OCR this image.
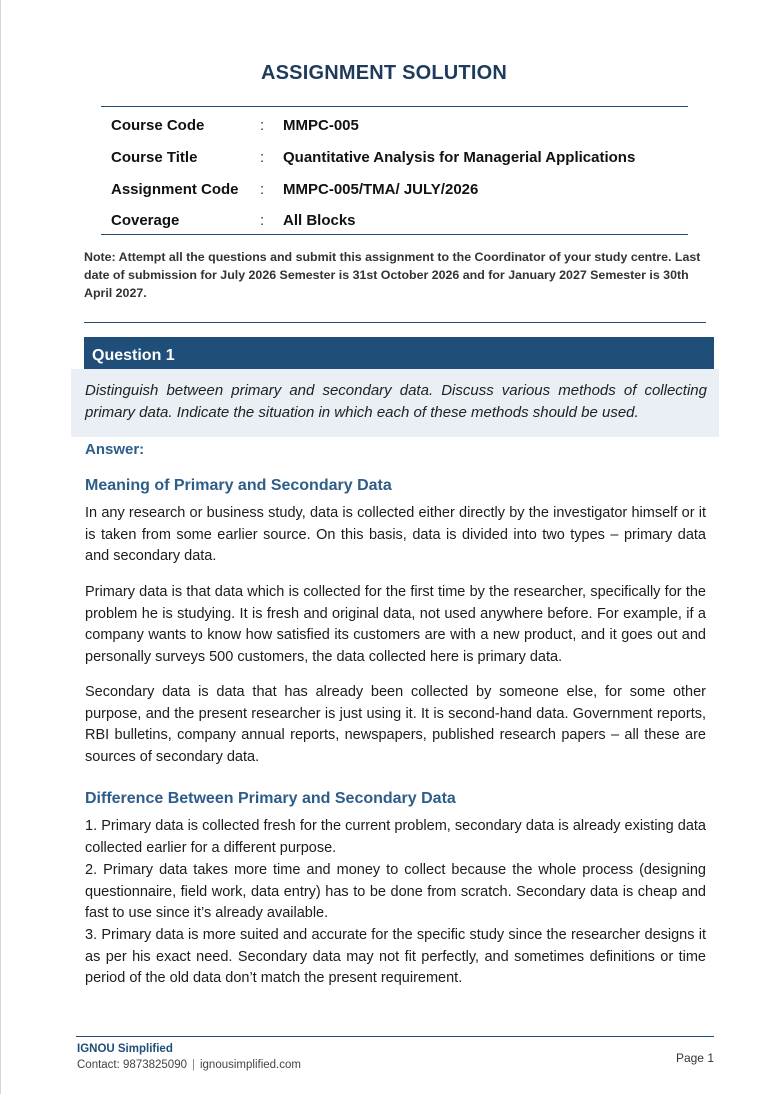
ASSIGNMENT SOLUTION
Course Code	: MMPC-005
Course Title	: Quantitative Analysis for Managerial Applications
Assignment Code : MMPC-005/TMA/ JULY/2026
Coverage	: All Blocks
Note: Attempt all the questions and submit this assignment to the Coordinator of your study centre. Last date of submission for July 2026 Semester is 31st October 2026 and for January 2027 Semester is 30th April 2027.
Question 1
Distinguish between primary and secondary data. Discuss various methods of collecting primary data. Indicate the situation in which each of these methods should be used.
Answer:
Meaning of Primary and Secondary Data

In any research or business study, data is collected either directly by the investigator himself or it is taken from some earlier source. On this basis, data is divided into two types – primary data and secondary data.

Primary data is that data which is collected for the first time by the researcher, specifically for the problem he is studying. It is fresh and original data, not used anywhere before. For example, if a company wants to know how satisfied its customers are with a new product, and it goes out and personally surveys 500 customers, the data collected here is primary data.

Secondary data is data that has already been collected by someone else, for some other purpose, and the present researcher is just using it. It is second-hand data. Government reports, RBI bulletins, company annual reports, newspapers, published research papers – all these are sources of secondary data.

Difference Between Primary and Secondary Data

1. Primary data is collected fresh for the current problem, secondary data is already existing data collected earlier for a different purpose.

2. Primary data takes more time and money to collect because the whole process (designing questionnaire, field work, data entry) has to be done from scratch. Secondary data is cheap and fast to use since it’s already available.

3. Primary data is more suited and accurate for the specific study since the researcher designs it as per his exact need. Secondary data may not fit perfectly, and sometimes definitions or time period of the old data don’t match the present requirement.

IGNOU Simplified
Contact: 9873825090 | ignousimplified.com	Page 1
